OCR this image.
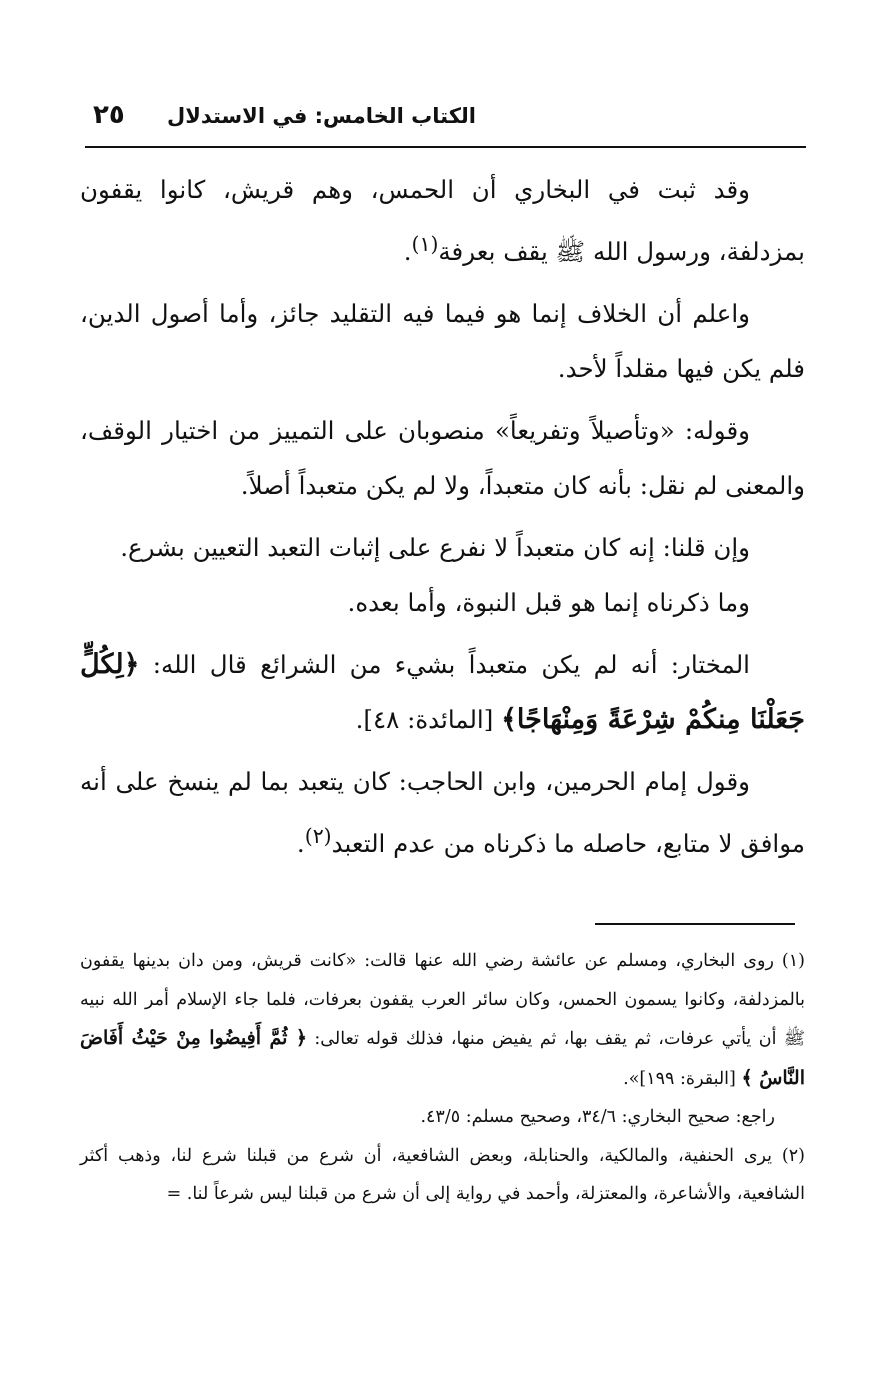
الكتاب الخامس: في الاستدلال
٢٥

وقد ثبت في البخاري أن الحمس، وهم قريش، كانوا يقفون بمزدلفة، ورسول الله ﷺ يقف بعرفة$^{(١)}$.

واعلم أن الخلاف إنما هو فيما فيه التقليد جائز، وأما أصول الدين، فلم يكن فيها مقلداً لأحد.

وقوله: «وتأصيلاً وتفريعاً» منصوبان على التمييز من اختيار الوقف، والمعنى لم نقل: بأنه كان متعبداً، ولا لم يكن متعبداً أصلاً.

وإن قلنا: إنه كان متعبداً لا نفرع على إثبات التعبد التعيين بشرع.

وما ذكرناه إنما هو قبل النبوة، وأما بعده.

المختار: أنه لم يكن متعبداً بشيء من الشرائع قال الله: ﴿لِكُلٍّ جَعَلْنَا مِنكُمْ شِرْعَةً وَمِنْهَاجًا﴾ [المائدة: ٤٨].

وقول إمام الحرمين، وابن الحاجب: كان يتعبد بما لم ينسخ على أنه موافق لا متابع، حاصله ما ذكرناه من عدم التعبد$^{(٢)}$.

(١) روى البخاري، ومسلم عن عائشة رضي الله عنها قالت: «كانت قريش، ومن دان بدينها يقفون بالمزدلفة، وكانوا يسمون الحمس، وكان سائر العرب يقفون بعرفات، فلما جاء الإسلام أمر الله نبيه ﷺ أن يأتي عرفات، ثم يقف بها، ثم يفيض منها، فذلك قوله تعالى: ﴿ ثُمَّ أَفِيضُوا مِنْ حَيْثُ أَفَاضَ النَّاسُ ﴾ [البقرة: ١٩٩]».

راجع: صحيح البخاري: ٣٤/٦، وصحيح مسلم: ٤٣/٥.

(٢) يرى الحنفية، والمالكية، والحنابلة، وبعض الشافعية، أن شرع من قبلنا شرع لنا، وذهب أكثر الشافعية، والأشاعرة، والمعتزلة، وأحمد في رواية إلى أن شرع من قبلنا ليس شرعاً لنا. =
